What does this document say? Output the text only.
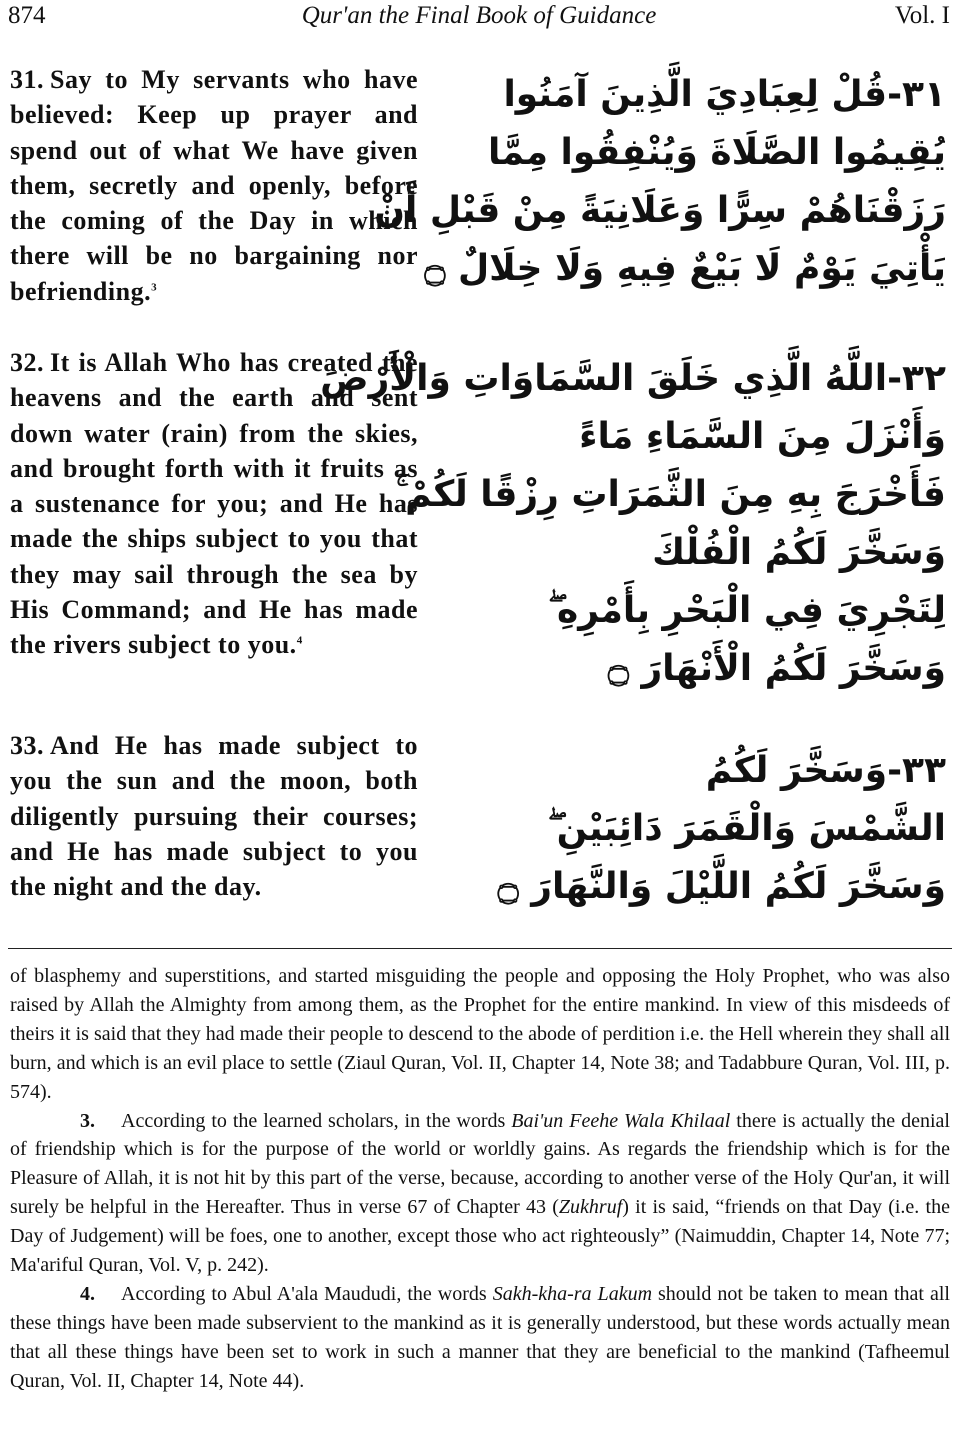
874	Qur'an the Final Book of Guidance	Vol. I
31. Say to My servants who have believed: Keep up prayer and spend out of what We have given them, secretly and openly, before the coming of the Day in which there will be no bargaining nor befriending.$^3$
۳۱-قُلْ لِعِبَادِيَ الَّذِينَ آمَنُوا
يُقِيمُوا الصَّلَاةَ وَيُنْفِقُوا مِمَّا
رَزَقْنَاهُمْ سِرًّا وَعَلَانِيَةً مِنْ قَبْلِ أَنْ
يَأْتِيَ يَوْمٌ لَا بَيْعٌ فِيهِ وَلَا خِلَالٌ ۝
32. It is Allah Who has created the heavens and the earth and sent down water (rain) from the skies, and brought forth with it fruits as a sustenance for you; and He has made the ships subject to you that they may sail through the sea by His Command; and He has made the rivers subject to you.$^4$
۳۲-اللَّهُ الَّذِي خَلَقَ السَّمَاوَاتِ وَالْأَرْضَ
وَأَنْزَلَ مِنَ السَّمَاءِ مَاءً
فَأَخْرَجَ بِهِ مِنَ الثَّمَرَاتِ رِزْقًا لَكُمْ ۚ
وَسَخَّرَ لَكُمُ الْفُلْكَ
لِتَجْرِيَ فِي الْبَحْرِ بِأَمْرِهِ ۖ
وَسَخَّرَ لَكُمُ الْأَنْهَارَ ۝
33. And He has made subject to you the sun and the moon, both diligently pursuing their courses; and He has made subject to you the night and the day.
۳۳-وَسَخَّرَ لَكُمُ
الشَّمْسَ وَالْقَمَرَ دَائِبَيْنِ ۖ
وَسَخَّرَ لَكُمُ اللَّيْلَ وَالنَّهَارَ ۝

of blasphemy and superstitions, and started misguiding the people and opposing the Holy Prophet, who was also raised by Allah the Almighty from among them, as the Prophet for the entire mankind. In view of this misdeeds of theirs it is said that they had made their people to descend to the abode of perdition i.e. the Hell wherein they shall all burn, and which is an evil place to settle (Ziaul Quran, Vol. II, Chapter 14, Note 38; and Tadabbure Quran, Vol. III, p. 574).

3. According to the learned scholars, in the words Bai'un Feehe Wala Khilaal there is actually the denial of friendship which is for the purpose of the world or worldly gains. As regards the friendship which is for the Pleasure of Allah, it is not hit by this part of the verse, because, according to another verse of the Holy Qur'an, it will surely be helpful in the Hereafter. Thus in verse 67 of Chapter 43 (Zukhruf) it is said, “friends on that Day (i.e. the Day of Judgement) will be foes, one to another, except those who act righteously” (Naimuddin, Chapter 14, Note 77; Ma'ariful Quran, Vol. V, p. 242).

4. According to Abul A'ala Maududi, the words Sakh-kha-ra Lakum should not be taken to mean that all these things have been made subservient to the mankind as it is generally understood, but these words actually mean that all these things have been set to work in such a manner that they are beneficial to the mankind (Tafheemul Quran, Vol. II, Chapter 14, Note 44).
